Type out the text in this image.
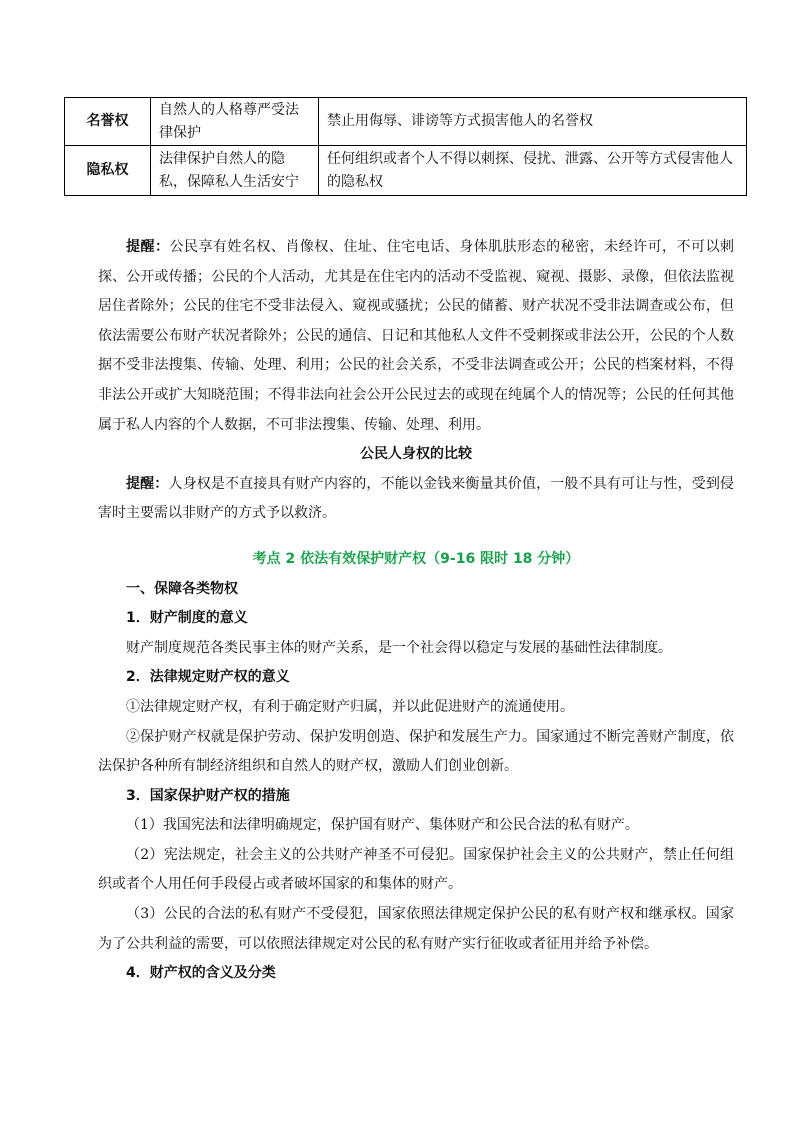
名誉权	自然人的人格尊严受法律保护	禁止用侮辱、诽谤等方式损害他人的名誉权
隐私权	法律保护自然人的隐私，保障私人生活安宁	任何组织或者个人不得以刺探、侵扰、泄露、公开等方式侵害他人的隐私权

提醒：公民享有姓名权、肖像权、住址、住宅电话、身体肌肤形态的秘密，未经许可，不可以刺探、公开或传播；公民的个人活动，尤其是在住宅内的活动不受监视、窥视、摄影、录像，但依法监视居住者除外；公民的住宅不受非法侵入、窥视或骚扰；公民的储蓄、财产状况不受非法调查或公布，但依法需要公布财产状况者除外；公民的通信、日记和其他私人文件不受刺探或非法公开，公民的个人数据不受非法搜集、传输、处理、利用；公民的社会关系，不受非法调查或公开；公民的档案材料，不得非法公开或扩大知晓范围；不得非法向社会公开公民过去的或现在纯属个人的情况等；公民的任何其他属于私人内容的个人数据，不可非法搜集、传输、处理、利用。

公民人身权的比较

提醒：人身权是不直接具有财产内容的，不能以金钱来衡量其价值，一般不具有可让与性，受到侵害时主要需以非财产的方式予以救济。

考点 2 依法有效保护财产权（9-16 限时 18 分钟）

一、保障各类物权

1．财产制度的意义

财产制度规范各类民事主体的财产关系，是一个社会得以稳定与发展的基础性法律制度。

2．法律规定财产权的意义

①法律规定财产权，有利于确定财产归属，并以此促进财产的流通使用。

②保护财产权就是保护劳动、保护发明创造、保护和发展生产力。国家通过不断完善财产制度，依法保护各种所有制经济组织和自然人的财产权，激励人们创业创新。

3．国家保护财产权的措施

（1）我国宪法和法律明确规定，保护国有财产、集体财产和公民合法的私有财产。

（2）宪法规定，社会主义的公共财产神圣不可侵犯。国家保护社会主义的公共财产，禁止任何组织或者个人用任何手段侵占或者破坏国家的和集体的财产。

（3）公民的合法的私有财产不受侵犯，国家依照法律规定保护公民的私有财产权和继承权。国家为了公共利益的需要，可以依照法律规定对公民的私有财产实行征收或者征用并给予补偿。

4．财产权的含义及分类
